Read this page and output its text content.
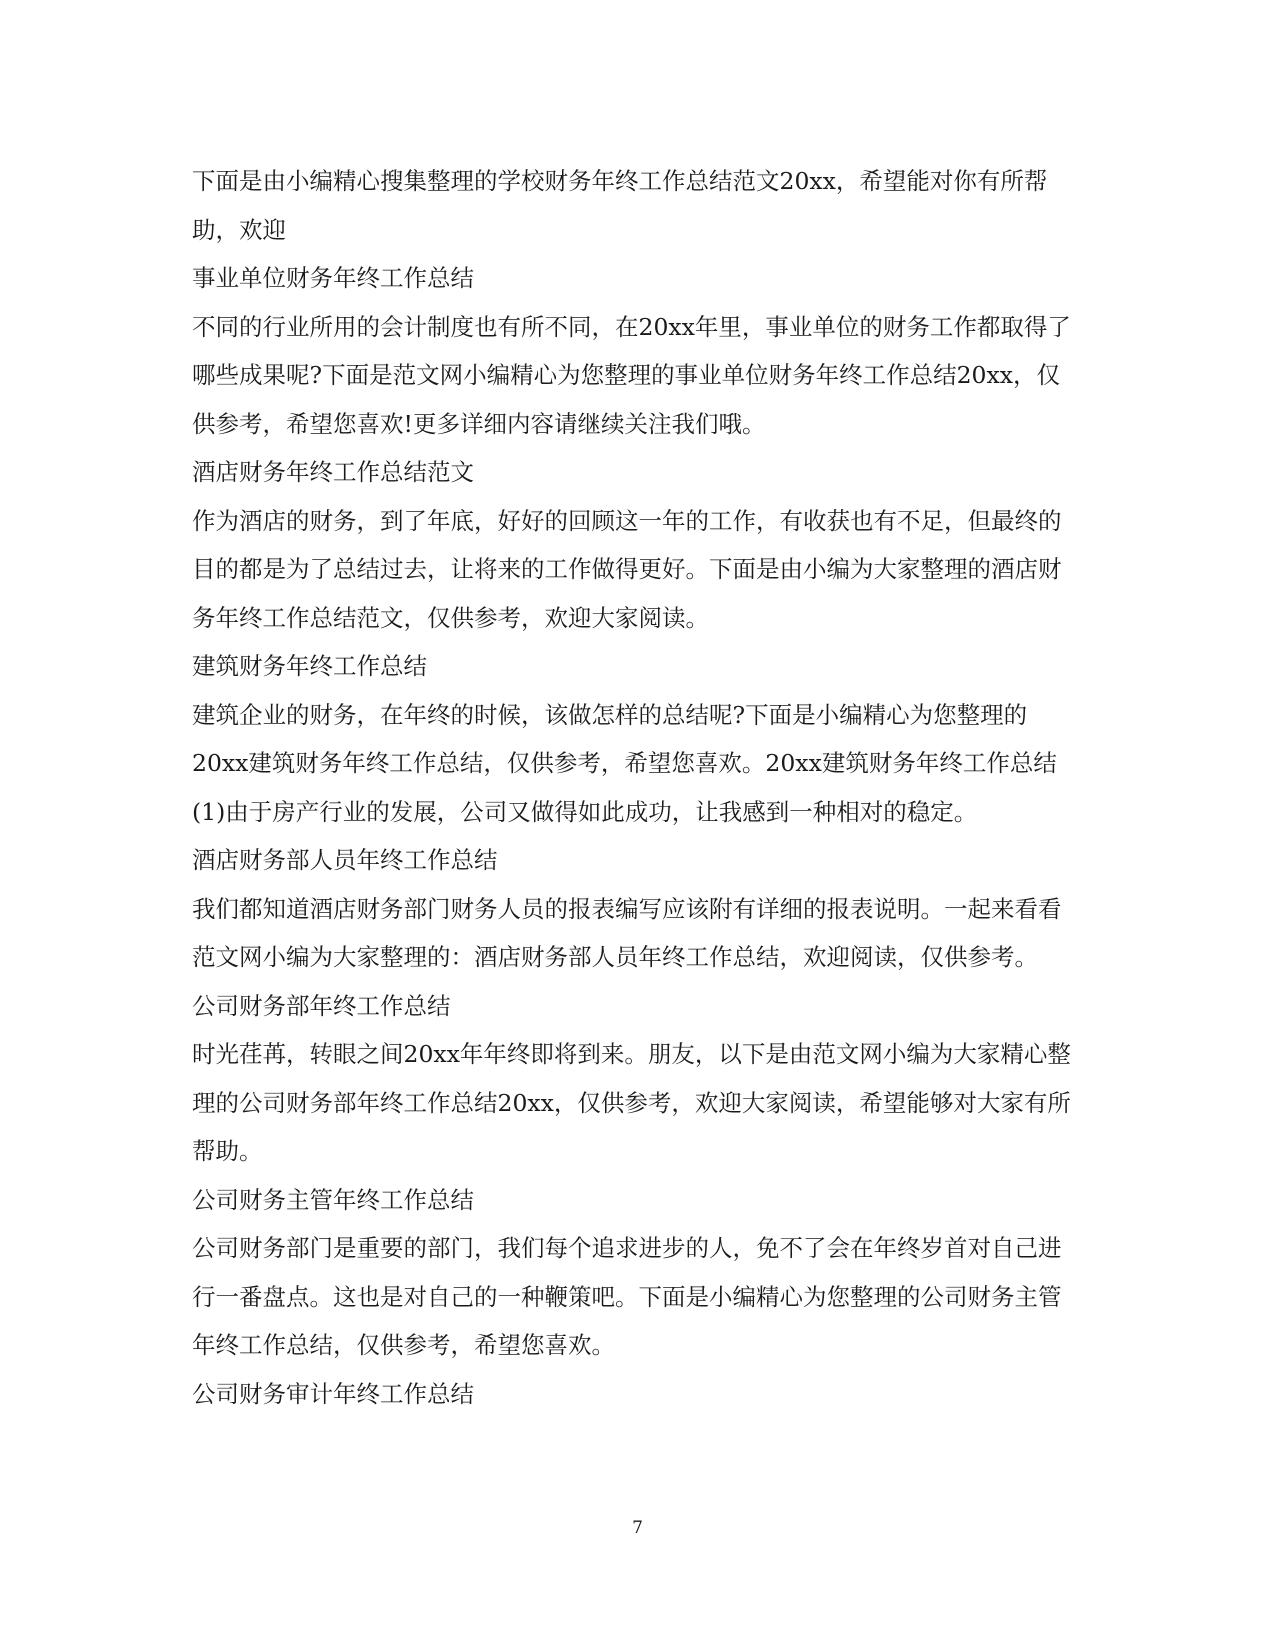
下面是由小编精心搜集整理的学校财务年终工作总结范文20xx，希望能对你有所帮助，欢迎

事业单位财务年终工作总结

不同的行业所用的会计制度也有所不同，在20xx年里，事业单位的财务工作都取得了哪些成果呢?下面是范文网小编精心为您整理的事业单位财务年终工作总结20xx，仅供参考，希望您喜欢!更多详细内容请继续关注我们哦。

酒店财务年终工作总结范文

作为酒店的财务，到了年底，好好的回顾这一年的工作，有收获也有不足，但最终的目的都是为了总结过去，让将来的工作做得更好。下面是由小编为大家整理的酒店财务年终工作总结范文，仅供参考，欢迎大家阅读。

建筑财务年终工作总结

建筑企业的财务，在年终的时候，该做怎样的总结呢?下面是小编精心为您整理的20xx建筑财务年终工作总结，仅供参考，希望您喜欢。20xx建筑财务年终工作总结(1)由于房产行业的发展，公司又做得如此成功，让我感到一种相对的稳定。

酒店财务部人员年终工作总结

我们都知道酒店财务部门财务人员的报表编写应该附有详细的报表说明。一起来看看范文网小编为大家整理的：酒店财务部人员年终工作总结，欢迎阅读，仅供参考。

公司财务部年终工作总结

时光荏苒，转眼之间20xx年年终即将到来。朋友，以下是由范文网小编为大家精心整理的公司财务部年终工作总结20xx，仅供参考，欢迎大家阅读，希望能够对大家有所帮助。

公司财务主管年终工作总结

公司财务部门是重要的部门，我们每个追求进步的人，免不了会在年终岁首对自己进行一番盘点。这也是对自己的一种鞭策吧。下面是小编精心为您整理的公司财务主管年终工作总结，仅供参考，希望您喜欢。

公司财务审计年终工作总结

7
